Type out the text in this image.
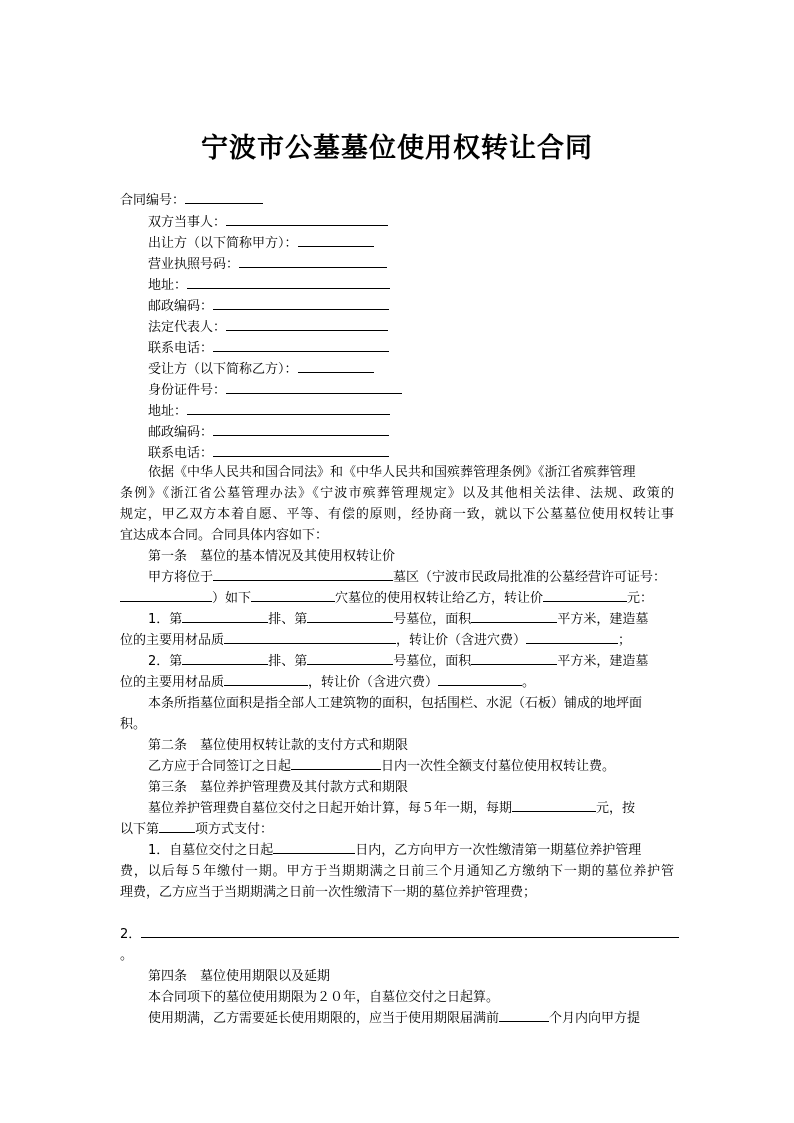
宁波市公墓墓位使用权转让合同
合同编号：
双方当事人：
出让方（以下简称甲方）：
营业执照号码：
地址：
邮政编码：
法定代表人：
联系电话：
受让方（以下简称乙方）：
身份证件号：
地址：
邮政编码：
联系电话：
依据《中华人民共和国合同法》和《中华人民共和国殡葬管理条例》《浙江省殡葬管理
条例》《浙江省公墓管理办法》《宁波市殡葬管理规定》以及其他相关法律、法规、政策的
规定，甲乙双方本着自愿、平等、有偿的原则，经协商一致，就以下公墓墓位使用权转让事
宜达成本合同。合同具体内容如下：
第一条　墓位的基本情况及其使用权转让价
甲方将位于	墓区（宁波市民政局批准的公墓经营许可证号：
）如下	穴墓位的使用权转让给乙方，转让价	元：
1．第	排、第	号墓位，面积	平方米，建造墓
位的主要用材品质	，转让价（含进穴费）	；
2．第	排、第	号墓位，面积	平方米，建造墓
位的主要用材品质	，转让价（含进穴费）	。
本条所指墓位面积是指全部人工建筑物的面积，包括围栏、水泥（石板）铺成的地坪面
积。
第二条　墓位使用权转让款的支付方式和期限
乙方应于合同签订之日起	日内一次性全额支付墓位使用权转让费。
第三条　墓位养护管理费及其付款方式和期限
墓位养护管理费自墓位交付之日起开始计算，每５年一期，每期	元，按
以下第	项方式支付：
1．自墓位交付之日起	日内，乙方向甲方一次性缴清第一期墓位养护管理
费，以后每５年缴付一期。甲方于当期期满之日前三个月通知乙方缴纳下一期的墓位养护管
理费，乙方应当于当期期满之日前一次性缴清下一期的墓位养护管理费；
2．
。
第四条　墓位使用期限以及延期
本合同项下的墓位使用期限为２０年，自墓位交付之日起算。
使用期满，乙方需要延长使用期限的，应当于使用期限届满前	个月内向甲方提
